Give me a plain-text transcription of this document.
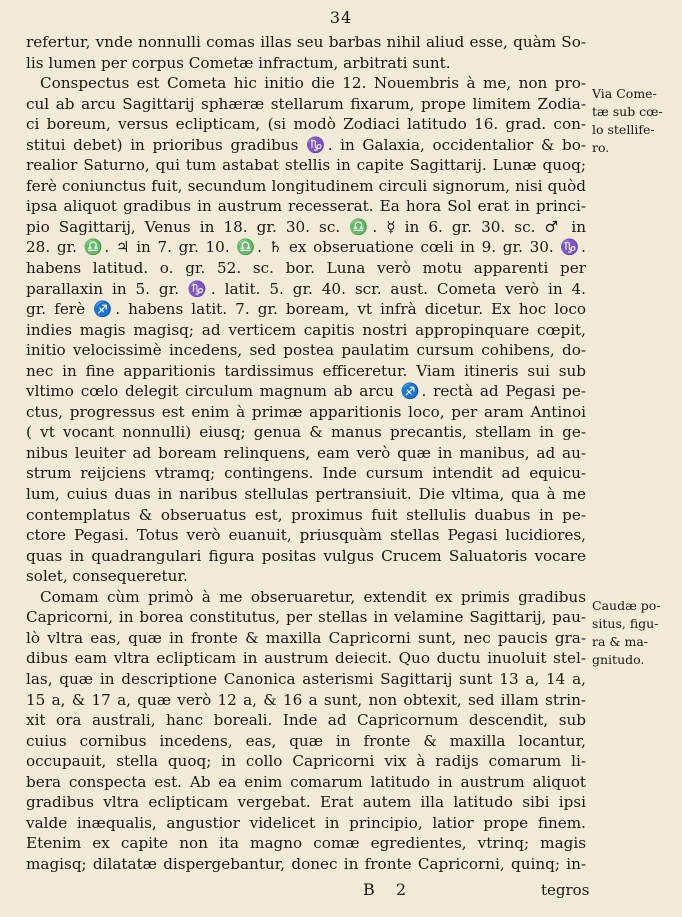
34
refertur, vnde nonnulli comas illas seu barbas nihil aliud esse, quàm So-
lis lumen per corpus Cometæ infractum, arbitrati sunt.
Conspectus est Cometa hic initio die 12. Nouembris à me, non pro-
cul ab arcu Sagittarij sphæræ stellarum fixarum, prope limitem Zodia-
ci boreum, versus eclipticam, (si modò Zodiaci latitudo 16. grad. con-
stitui debet) in prioribus gradibus ♑. in Galaxia, occidentalior & bo-
realior Saturno, qui tum astabat stellis in capite Sagittarij. Lunæ quoq;
ferè coniunctus fuit, secundum longitudinem circuli signorum, nisi quòd
ipsa aliquot gradibus in austrum recesserat. Ea hora Sol erat in princi-
pio Sagittarij, Venus in 18. gr. 30. sc. ♎. ☿ in 6. gr. 30. sc. ♂ in
28. gr. ♎. ♃ in 7. gr. 10. ♎. ♄ ex obseruatione cœli in 9. gr. 30. ♑.
habens latitud. o. gr. 52. sc. bor. Luna verò motu apparenti per
parallaxin in 5. gr. ♑. latit. 5. gr. 40. scr. aust. Cometa verò in 4.
gr. ferè ♐. habens latit. 7. gr. boream, vt infrà dicetur. Ex hoc loco
indies magis magisq; ad verticem capitis nostri appropinquare cœpit,
initio velocissimè incedens, sed postea paulatim cursum cohibens, do-
nec in fine apparitionis tardissimus efficeretur. Viam itineris sui sub
vltimo cœlo delegit circulum magnum ab arcu ♐. rectà ad Pegasi pe-
ctus, progressus est enim à primæ apparitionis loco, per aram Antinoi
( vt vocant nonnulli) eiusq; genua & manus precantis, stellam in ge-
nibus leuiter ad boream relinquens, eam verò quæ in manibus, ad au-
strum reijciens vtramq; contingens. Inde cursum intendit ad equicu-
lum, cuius duas in naribus stellulas pertransiuit. Die vltima, qua à me
contemplatus & obseruatus est, proximus fuit stellulis duabus in pe-
ctore Pegasi. Totus verò euanuit, priusquàm stellas Pegasi lucidiores,
quas in quadrangulari figura positas vulgus Crucem Saluatoris vocare
solet, consequeretur.
Comam cùm primò à me obseruaretur, extendit ex primis gradibus
Capricorni, in borea constitutus, per stellas in velamine Sagittarij, pau-
lò vltra eas, quæ in fronte & maxilla Capricorni sunt, nec paucis gra-
dibus eam vltra eclipticam in austrum deiecit. Quo ductu inuoluit stel-
las, quæ in descriptione Canonica asterismi Sagittarij sunt 13 a, 14 a,
15 a, & 17 a, quæ verò 12 a, & 16 a sunt, non obtexit, sed illam strin-
xit ora australi, hanc boreali. Inde ad Capricornum descendit, sub
cuius cornibus incedens, eas, quæ in fronte & maxilla locantur,
occupauit, stella quoq; in collo Capricorni vix à radijs comarum li-
bera conspecta est. Ab ea enim comarum latitudo in austrum aliquot
gradibus vltra eclipticam vergebat. Erat autem illa latitudo sibi ipsi
valde inæqualis, angustior videlicet in principio, latior prope finem.
Etenim ex capite non ita magno comæ egredientes, vtrinq; magis
magisq; dilatatæ dispergebantur, donec in fronte Capricorni, quinq; in-
Via Come-
tæ sub cœ-
lo stellife-
ro.
Caudæ po-
situs, figu-
ra & ma-
gnitudo.
B 2	tegros
